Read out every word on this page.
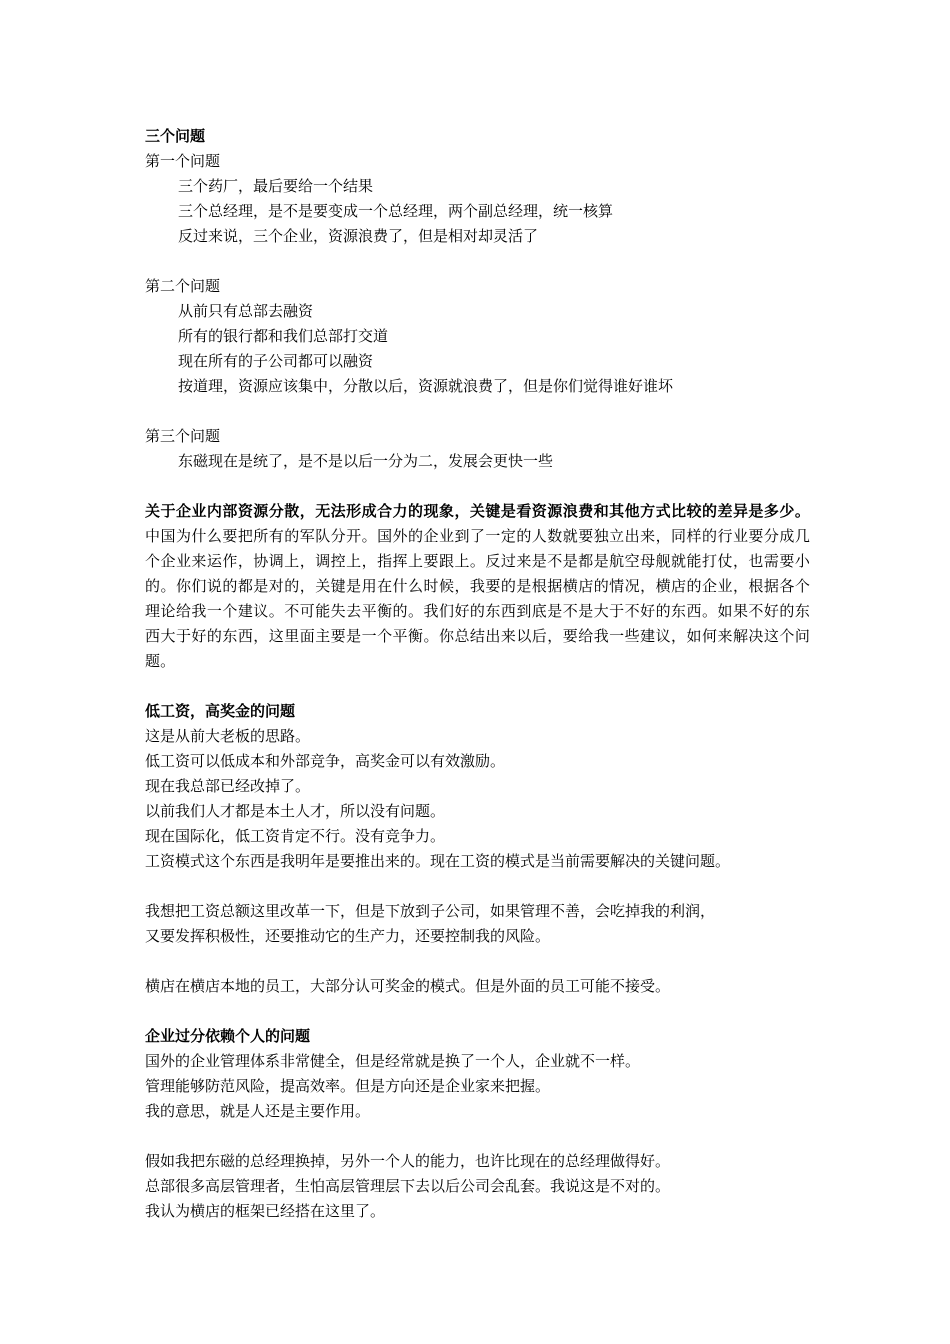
三个问题
第一个问题
三个药厂，最后要给一个结果
三个总经理，是不是要变成一个总经理，两个副总经理，统一核算
反过来说，三个企业，资源浪费了，但是相对却灵活了
第二个问题
从前只有总部去融资
所有的银行都和我们总部打交道
现在所有的子公司都可以融资
按道理，资源应该集中，分散以后，资源就浪费了，但是你们觉得谁好谁坏
第三个问题
东磁现在是统了，是不是以后一分为二，发展会更快一些

关于企业内部资源分散，无法形成合力的现象，关键是看资源浪费和其他方式比较的差异是多少。中国为什么要把所有的军队分开。国外的企业到了一定的人数就要独立出来，同样的行业要分成几个企业来运作，协调上，调控上，指挥上要跟上。反过来是不是都是航空母舰就能打仗，也需要小的。你们说的都是对的，关键是用在什么时候，我要的是根据横店的情况，横店的企业，根据各个理论给我一个建议。不可能失去平衡的。我们好的东西到底是不是大于不好的东西。如果不好的东西大于好的东西，这里面主要是一个平衡。你总结出来以后，要给我一些建议，如何来解决这个问题。

低工资，高奖金的问题
这是从前大老板的思路。
低工资可以低成本和外部竞争，高奖金可以有效激励。
现在我总部已经改掉了。
以前我们人才都是本土人才，所以没有问题。
现在国际化，低工资肯定不行。没有竞争力。
工资模式这个东西是我明年是要推出来的。现在工资的模式是当前需要解决的关键问题。
我想把工资总额这里改革一下，但是下放到子公司，如果管理不善，会吃掉我的利润，
又要发挥积极性，还要推动它的生产力，还要控制我的风险。
横店在横店本地的员工，大部分认可奖金的模式。但是外面的员工可能不接受。
企业过分依赖个人的问题
国外的企业管理体系非常健全，但是经常就是换了一个人，企业就不一样。
管理能够防范风险，提高效率。但是方向还是企业家来把握。
我的意思，就是人还是主要作用。
假如我把东磁的总经理换掉，另外一个人的能力，也许比现在的总经理做得好。
总部很多高层管理者，生怕高层管理层下去以后公司会乱套。我说这是不对的。
我认为横店的框架已经搭在这里了。
